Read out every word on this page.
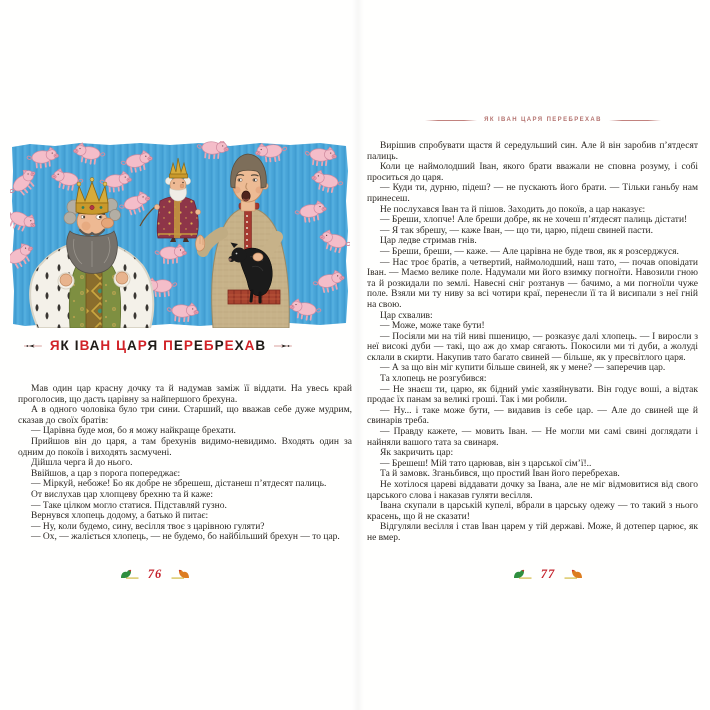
ЯК ІВАН ЦАРЯ ПЕРЕБРЕХАВ

Мав один цар красну дочку та й надумав заміж її віддати. На увесь край проголосив, що дасть царівну за найпершого брехуна.

А в одного чоловіка було три сини. Старший, що вважав себе дуже мудрим, сказав до своїх братів:

— Царівна буде моя, бо я можу найкраще брехати.

Прийшов він до царя, а там брехунів видимо-невидимо. Входять один за одним до покоїв і виходять засмучені.

Дійшла черга й до нього.

Ввійшов, а цар з порога попереджає:

— Міркуй, небоже! Бо як добре не збрешеш, дістанеш п’ятдесят палиць.

От вислухав цар хлопцеву брехню та й каже:

— Таке цілком могло статися. Підставляй гузно.

Вернувся хлопець додому, а батько й питає:

— Ну, коли будемо, сину, весілля твоє з царівною гуляти?

— Ох, — жаліється хлопець, — не будемо, бо найбільший брехун — то цар.

76
ЯК ІВАН ЦАРЯ ПЕРЕБРЕХАВ

Вирішив спробувати щастя й середульший син. Але й він заробив п’ятдесят палиць.

Коли це наймолодший Іван, якого брати вважали не сповна розуму, і собі проситься до царя.

— Куди ти, дурню, підеш? — не пускають його брати. — Тільки ганьбу нам принесеш.

Не послухався Іван та й пішов. Заходить до покоїв, а цар наказує:

— Бреши, хлопче! Але бреши добре, як не хочеш п’ятдесят палиць дістати!

— Я так збрешу, — каже Іван, — що ти, царю, підеш свиней пасти.

Цар ледве стримав гнів.

— Бреши, бреши, — каже. — Але царівна не буде твоя, як я розсерджуся.

— Нас троє братів, а четвертий, наймолодший, наш тато, — почав оповідати Іван. — Маємо велике поле. Надумали ми його взимку погноїти. Навозили гною та й розкидали по землі. Навесні сніг розтанув — бачимо, а ми погноїли чуже поле. Взяли ми ту ниву за всі чотири краї, перенесли її та й висипали з неї гній на свою.

Цар схвалив:

— Може, може таке бути!

— Посіяли ми на тій ниві пшеницю, — розказує далі хлопець. — І виросли з неї високі дуби — такі, що аж до хмар сягають. Покосили ми ті дуби, а жолуді склали в скирти. Накупив тато багато свиней — більше, як у пресвітлого царя.

— А за що він міг купити більше свиней, як у мене? — заперечив цар.

Та хлопець не розгубився:

— Не знаєш ти, царю, як бідний уміє хазяйнувати. Він годує воші, а відтак продає їх панам за великі гроші. Так і ми робили.

— Ну... і таке може бути, — видавив із себе цар. — Але до свиней ще й свинарів треба.

— Правду кажете, — мовить Іван. — Не могли ми самі свині доглядати і найняли вашого тата за свинаря.

Як закричить цар:

— Брешеш! Мій тато царював, він з царської сім’ї!..

Та й замовк. Зганьбився, що простий Іван його перебрехав.

Не хотілося цареві віддавати дочку за Івана, але не міг відмовитися від свого царського слова і наказав гуляти весілля.

Івана скупали в царській купелі, вбрали в царську одежу — то такий з нього красень, що й не сказати!

Відгуляли весілля і став Іван царем у тій державі. Може, й дотепер царює, як не вмер.

77
